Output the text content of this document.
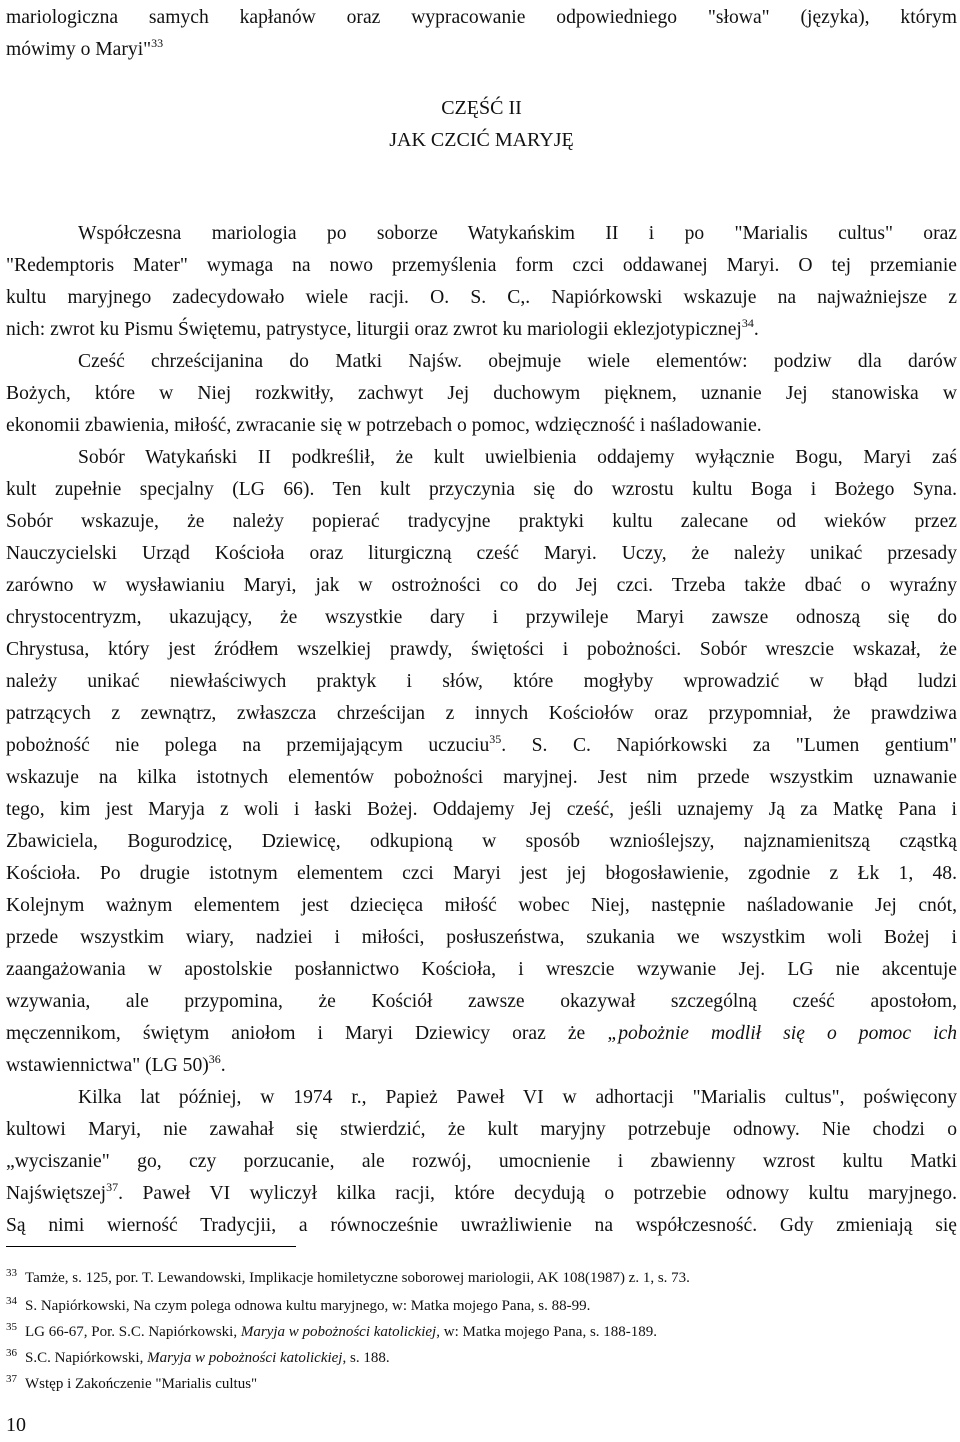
mariologiczna samych kapłanów oraz wypracowanie odpowiedniego "słowa" (języka), którym
mówimy o Maryi"$^{33}$
CZĘŚĆ II
JAK CZCIĆ MARYJĘ
Współczesna mariologia po soborze Watykańskim II i po "Marialis cultus" oraz
"Redemptoris Mater" wymaga na nowo przemyślenia form czci oddawanej Maryi. O tej przemianie
kultu maryjnego zadecydowało wiele racji. O. S. C,. Napiórkowski wskazuje na najważniejsze z
nich: zwrot ku Pismu Świętemu, patrystyce, liturgii oraz zwrot ku mariologii eklezjotypicznej$^{34}$.
Cześć chrześcijanina do Matki Najśw. obejmuje wiele elementów: podziw dla darów
Bożych, które w Niej rozkwitły, zachwyt Jej duchowym pięknem, uznanie Jej stanowiska w
ekonomii zbawienia, miłość, zwracanie się w potrzebach o pomoc, wdzięczność i naśladowanie.
Sobór Watykański II podkreślił, że kult uwielbienia oddajemy wyłącznie Bogu, Maryi zaś
kult zupełnie specjalny (LG 66). Ten kult przyczynia się do wzrostu kultu Boga i Bożego Syna.
Sobór wskazuje, że należy popierać tradycyjne praktyki kultu zalecane od wieków przez
Nauczycielski Urząd Kościoła oraz liturgiczną cześć Maryi. Uczy, że należy unikać przesady
zarówno w wysławianiu Maryi, jak w ostrożności co do Jej czci. Trzeba także dbać o wyraźny
chrystocentryzm, ukazujący, że wszystkie dary i przywileje Maryi zawsze odnoszą się do
Chrystusa, który jest źródłem wszelkiej prawdy, świętości i pobożności. Sobór wreszcie wskazał, że
należy unikać niewłaściwych praktyk i słów, które mogłyby wprowadzić w błąd ludzi
patrzących z zewnątrz, zwłaszcza chrześcijan z innych Kościołów oraz przypomniał, że prawdziwa
pobożność nie polega na przemijającym uczuciu$^{35}$. S. C. Napiórkowski za "Lumen gentium"
wskazuje na kilka istotnych elementów pobożności maryjnej. Jest nim przede wszystkim uznawanie
tego, kim jest Maryja z woli i łaski Bożej. Oddajemy Jej cześć, jeśli uznajemy Ją za Matkę Pana i
Zbawiciela, Bogurodzicę, Dziewicę, odkupioną w sposób wznioślejszy, najznamienitszą cząstką
Kościoła. Po drugie istotnym elementem czci Maryi jest jej błogosławienie, zgodnie z Łk 1, 48.
Kolejnym ważnym elementem jest dziecięca miłość wobec Niej, następnie naśladowanie Jej cnót,
przede wszystkim wiary, nadziei i miłości, posłuszeństwa, szukania we wszystkim woli Bożej i
zaangażowania w apostolskie posłannictwo Kościoła, i wreszcie wzywanie Jej. LG nie akcentuje
wzywania, ale przypomina, że Kościół zawsze okazywał szczególną cześć apostołom,
męczennikom, świętym aniołom i Maryi Dziewicy oraz że „pobożnie modlił się o pomoc ich
wstawiennictwa" (LG 50)$^{36}$.
Kilka lat później, w 1974 r., Papież Paweł VI w adhortacji "Marialis cultus", poświęcony
kultowi Maryi, nie zawahał się stwierdzić, że kult maryjny potrzebuje odnowy. Nie chodzi o
„wyciszanie" go, czy porzucanie, ale rozwój, umocnienie i zbawienny wzrost kultu Matki
Najświętszej$^{37}$. Paweł VI wyliczył kilka racji, które decydują o potrzebie odnowy kultu maryjnego.
Są nimi wierność Tradycjii, a równocześnie uwrażliwienie na współczesność. Gdy zmieniają się
33 Tamże, s. 125, por. T. Lewandowski, Implikacje homiletyczne soborowej mariologii, AK 108(1987) z. 1, s. 73.
34 S. Napiórkowski, Na czym polega odnowa kultu maryjnego, w: Matka mojego Pana, s. 88-99.
35 LG 66-67, Por. S.C. Napiórkowski, Maryja w pobożności katolickiej, w: Matka mojego Pana, s. 188-189.
36 S.C. Napiórkowski, Maryja w pobożności katolickiej, s. 188.
37 Wstęp i Zakończenie "Marialis cultus"
10
